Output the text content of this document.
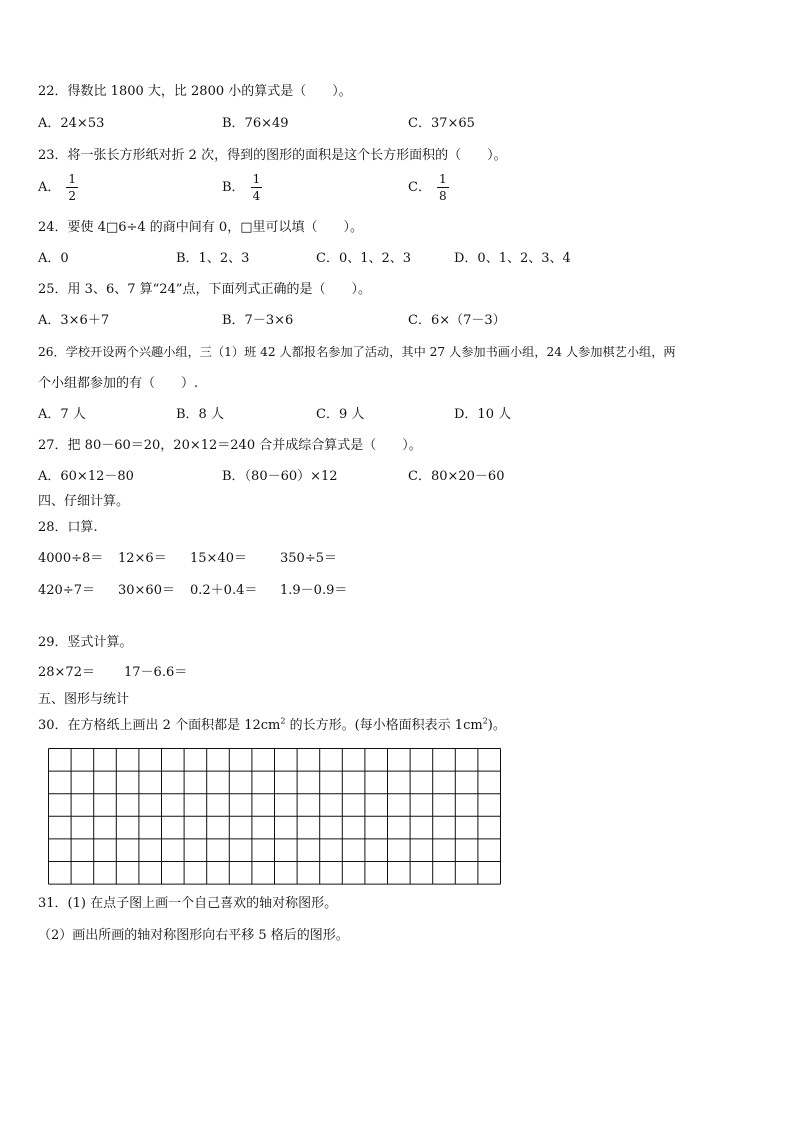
22．得数比 1800 大，比 2800 小的算式是（　　）。
A．24×53	B．76×49	C．37×65
23．将一张长方形纸对折 2 次，得到的图形的面积是这个长方形面积的（　　）。
A． $\frac{1}{2}$	B． $\frac{1}{4}$	C． $\frac{1}{8}$
24．要使 4□6÷4 的商中间有 0，□里可以填（　　）。
A．0	B．1、2、3	C．0、1、2、3	D．0、1、2、3、4
25．用 3、6、7 算“24”点，下面列式正确的是（　　）。
A．3×6＋7	B．7－3×6	C．6×（7－3）
26．学校开设两个兴趣小组，三（1）班 42 人都报名参加了活动，其中 27 人参加书画小组，24 人参加棋艺小组，两
个小组都参加的有（　　）.
A．7 人	B．8 人	C．9 人	D．10 人
27．把 80－60＝20，20×12＝240 合并成综合算式是（　　）。
A．60×12－80	B．（80－60）×12	C．80×20－60
四、仔细计算。
28．口算.
4000÷8＝ 12×6＝ 15×40＝	350÷5＝
420÷7＝ 30×60＝ 0.2＋0.4＝ 1.9－0.9＝
29．竖式计算。
28×72＝ 17－6.6＝
五、图形与统计
30．在方格纸上画出 2 个面积都是 $12cm^2$ 的长方形。(每小格面积表示 $1cm^2$)。
31．(1) 在点子图上画一个自己喜欢的轴对称图形。
（2）画出所画的轴对称图形向右平移 5 格后的图形。
